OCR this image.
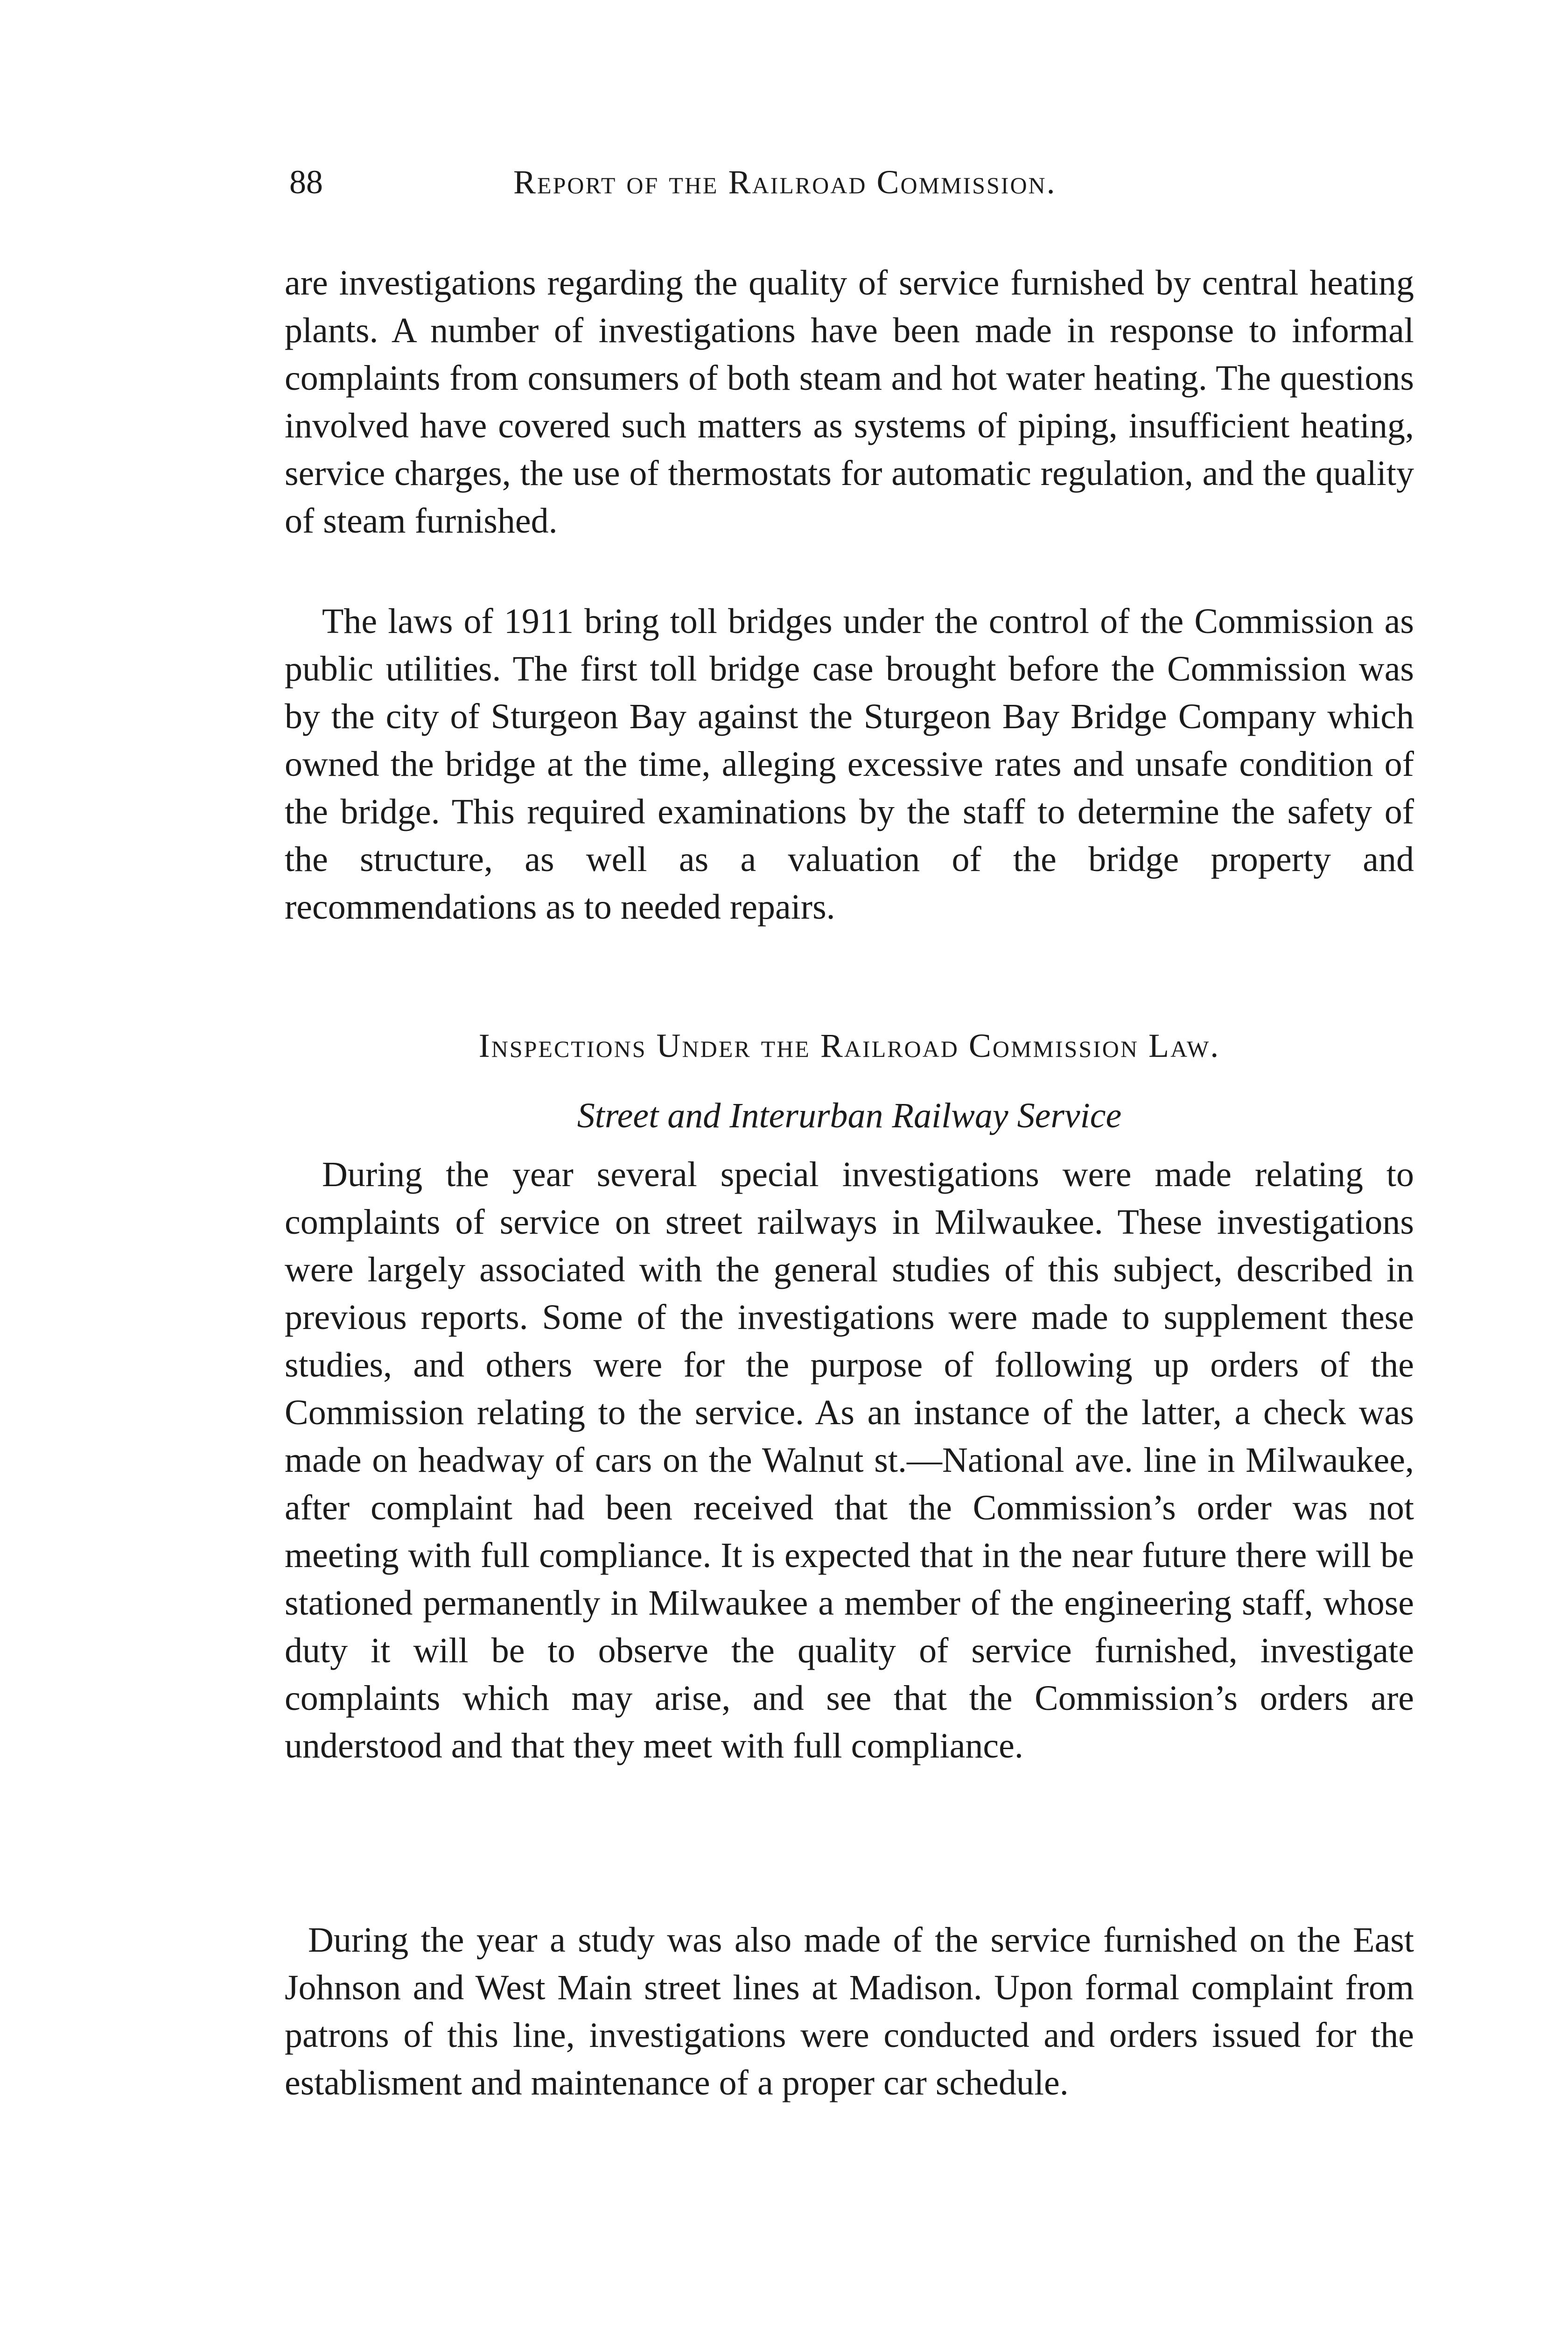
88	Report of the Railroad Commission.

are investigations regarding the quality of service furnished by central heating plants. A number of investigations have been made in response to informal complaints from consumers of both steam and hot water heating. The questions involved have covered such matters as systems of piping, insufficient heating, service charges, the use of thermostats for automatic regulation, and the quality of steam furnished.

The laws of 1911 bring toll bridges under the control of the Commission as public utilities. The first toll bridge case brought before the Commission was by the city of Sturgeon Bay against the Sturgeon Bay Bridge Company which owned the bridge at the time, alleging excessive rates and unsafe condition of the bridge. This required examinations by the staff to determine the safety of the structure, as well as a valuation of the bridge property and recommendations as to needed repairs.

Inspections Under the Railroad Commission Law.
Street and Interurban Railway Service

During the year several special investigations were made relating to complaints of service on street railways in Milwaukee. These investigations were largely associated with the general studies of this subject, described in previous reports. Some of the investigations were made to supplement these studies, and others were for the purpose of following up orders of the Commission relating to the service. As an instance of the latter, a check was made on headway of cars on the Walnut st.—National ave. line in Milwaukee, after complaint had been received that the Commission’s order was not meeting with full compliance. It is expected that in the near future there will be stationed permanently in Milwaukee a member of the engineering staff, whose duty it will be to observe the quality of service furnished, investigate complaints which may arise, and see that the Commission’s orders are understood and that they meet with full compliance.

During the year a study was also made of the service furnished on the East Johnson and West Main street lines at Madison. Upon formal complaint from patrons of this line, investigations were conducted and orders issued for the establisment and maintenance of a proper car schedule.
